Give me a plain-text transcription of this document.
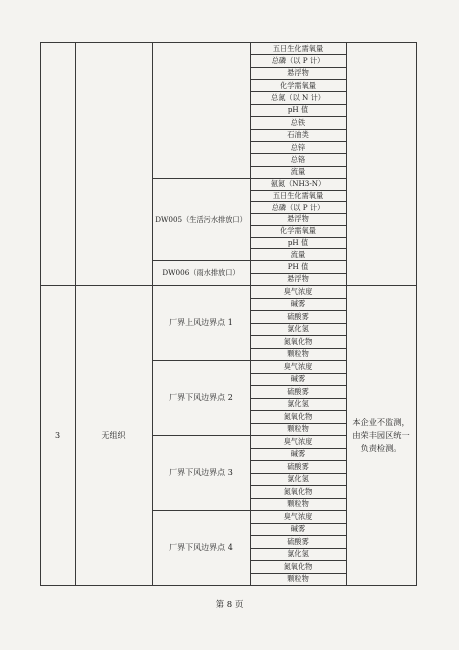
五日生化需氧量
总磷（以 P 计）
悬浮物
化学需氧量
总氮（以 N 计）
pH 值
总铁
石油类
总锌
总铬
流量
氨氮（NH3-N）
五日生化需氧量
总磷（以 P 计）
悬浮物
化学需氧量
pH 值
流量
PH 值
悬浮物
臭气浓度
碱雾
硫酸雾
氯化氢
氮氧化物
颗粒物
臭气浓度
碱雾
硫酸雾
氯化氢
氮氧化物
颗粒物
臭气浓度
碱雾
硫酸雾
氯化氢
氮氧化物
颗粒物
臭气浓度
碱雾
硫酸雾
氯化氢
氮氧化物
颗粒物
DW005（生活污水排放口）
DW006（雨水排放口）
厂界上风边界点 1
厂界下风边界点 2
厂界下风边界点 3
厂界下风边界点 4
3	无组织
本企业不监测，由荣丰园区统一负责检测。
第 8 页
